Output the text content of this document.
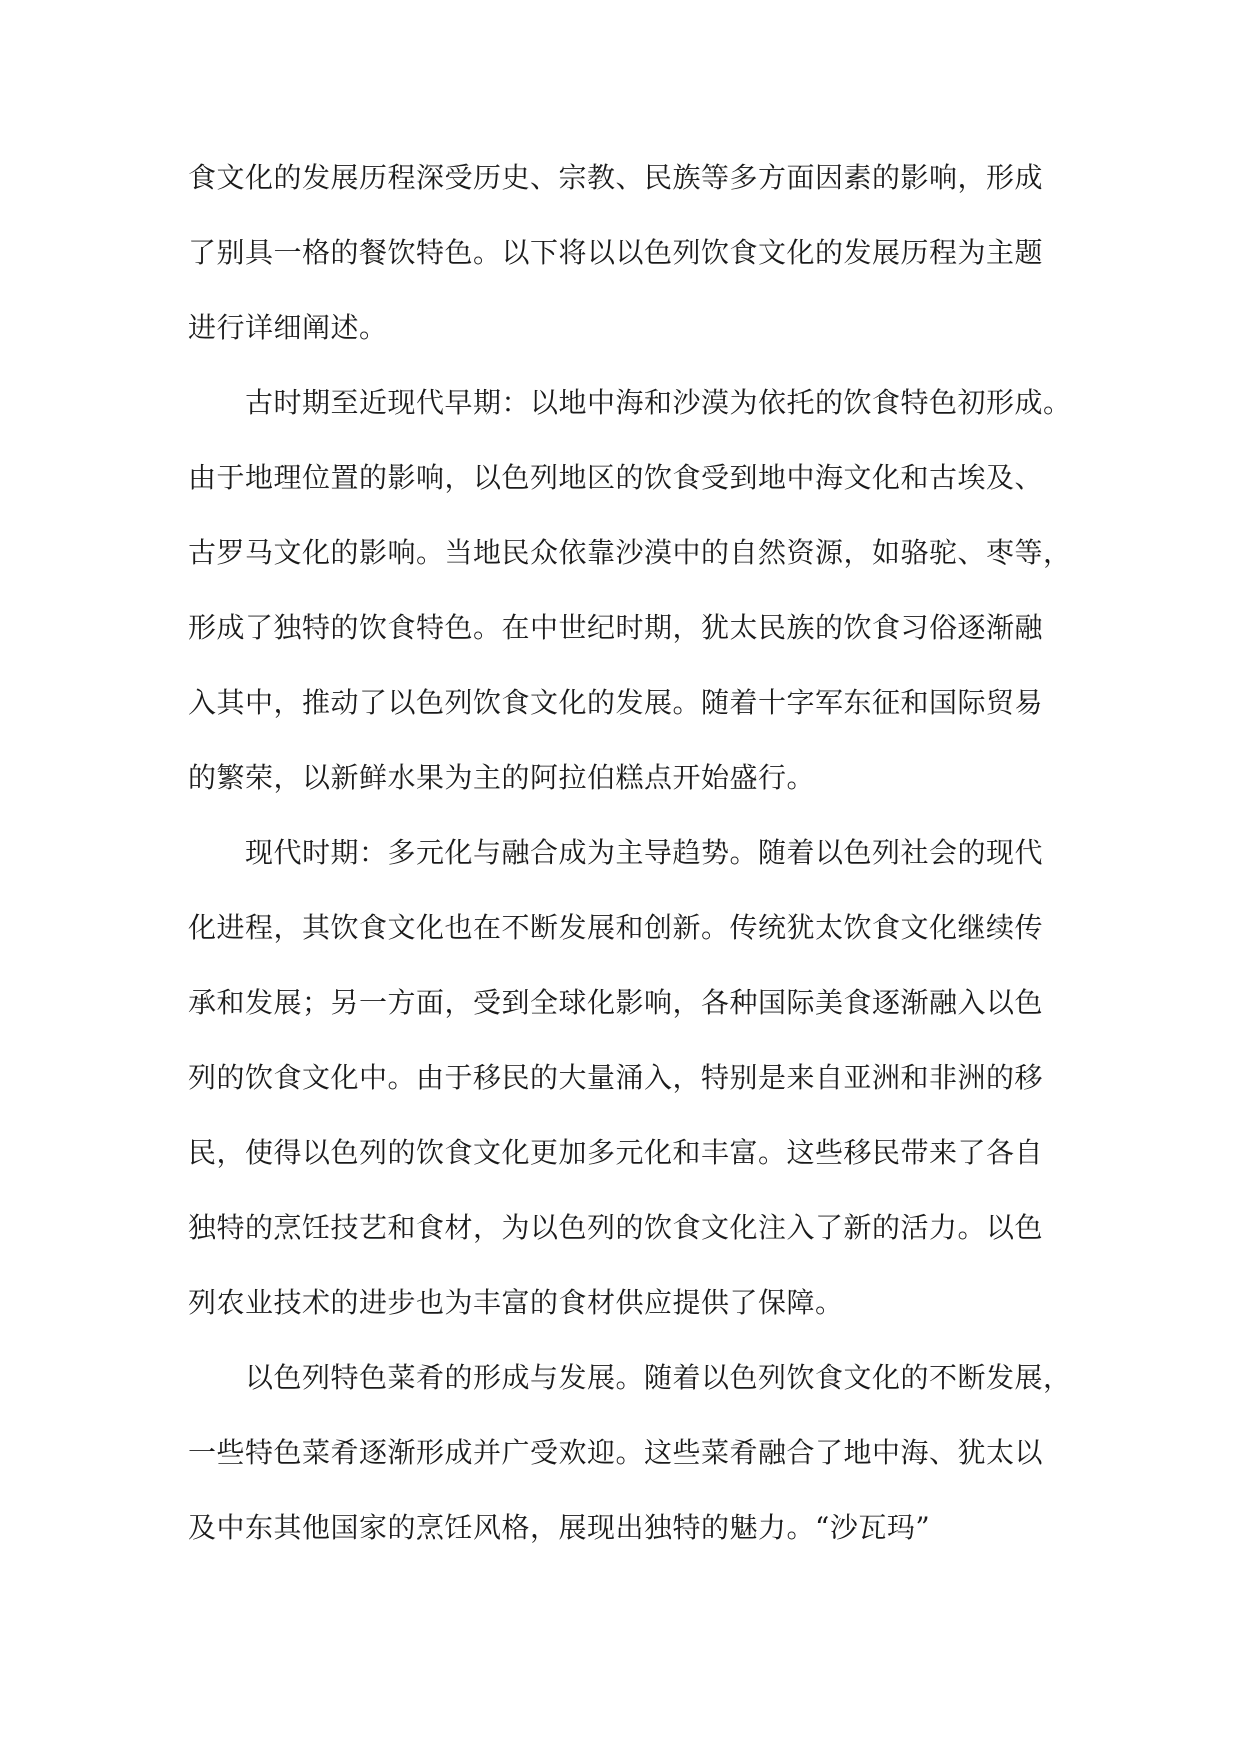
食文化的发展历程深受历史、宗教、民族等多方面因素的影响，形成
了别具一格的餐饮特色。以下将以以色列饮食文化的发展历程为主题
进行详细阐述。
古时期至近现代早期：以地中海和沙漠为依托的饮食特色初形成。
由于地理位置的影响，以色列地区的饮食受到地中海文化和古埃及、
古罗马文化的影响。当地民众依靠沙漠中的自然资源，如骆驼、枣等，
形成了独特的饮食特色。在中世纪时期，犹太民族的饮食习俗逐渐融
入其中，推动了以色列饮食文化的发展。随着十字军东征和国际贸易
的繁荣，以新鲜水果为主的阿拉伯糕点开始盛行。
现代时期：多元化与融合成为主导趋势。随着以色列社会的现代
化进程，其饮食文化也在不断发展和创新。传统犹太饮食文化继续传
承和发展；另一方面，受到全球化影响，各种国际美食逐渐融入以色
列的饮食文化中。由于移民的大量涌入，特别是来自亚洲和非洲的移
民，使得以色列的饮食文化更加多元化和丰富。这些移民带来了各自
独特的烹饪技艺和食材，为以色列的饮食文化注入了新的活力。以色
列农业技术的进步也为丰富的食材供应提供了保障。
以色列特色菜肴的形成与发展。随着以色列饮食文化的不断发展，
一些特色菜肴逐渐形成并广受欢迎。这些菜肴融合了地中海、犹太以
及中东其他国家的烹饪风格，展现出独特的魅力。“沙瓦玛”
